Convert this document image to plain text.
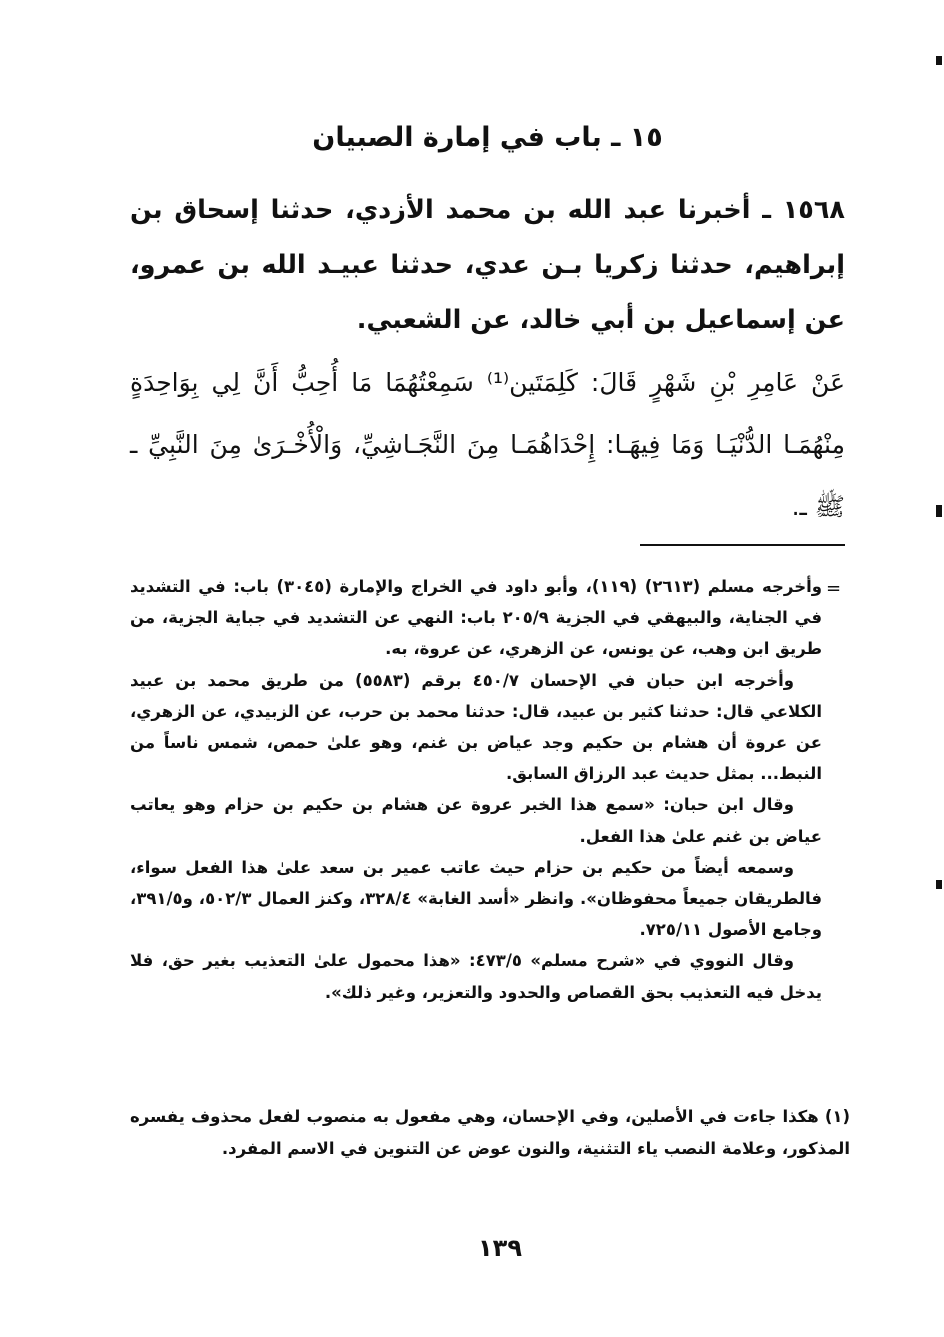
١٥ ـ باب في إمارة الصبيان

١٥٦٨ ـ أخبرنا عبد الله بن محمد الأزدي، حدثنا إسحاق بن إبراهيم، حدثنا زكريا بـن عدي، حدثنا عبيـد الله بن عمرو، عن إسماعيل بن أبي خالد، عن الشعبي.

عَنْ عَامِرِ بْنِ شَهْرٍ قَالَ: كَلِمَتَين⁽¹⁾ سَمِعْتُهُمَا مَا أُحِبُّ أَنَّ لِي بِوَاحِدَةٍ مِنْهُمَـا الدُّنْيَـا وَمَا فِيهَـا: إِحْدَاهُمَـا مِنَ النَّجَـاشِيِّ، وَالْأُخْـرَىٰ مِنَ النَّبِيِّ ـ ﷺ ـ.

=

وأخرجه مسلم (٢٦١٣) (١١٩)، وأبو داود في الخراج والإمارة (٣٠٤٥) باب: في التشديد في الجناية، والبيهقي في الجزية ٢٠٥/٩ باب: النهي عن التشديد في جباية الجزية، من طريق ابن وهب، عن يونس، عن الزهري، عن عروة، به.

وأخرجه ابن حبان في الإحسان ٤٥٠/٧ برقم (٥٥٨٣) من طريق محمد بن عبيد الكلاعي قال: حدثنا كثير بن عبيد، قال: حدثنا محمد بن حرب، عن الزبيدي، عن الزهري، عن عروة أن هشام بن حكيم وجد عياض بن غنم، وهو علىٰ حمص، شمس ناساً من النبط... بمثل حديث عبد الرزاق السابق.

وقال ابن حبان: «سمع هذا الخبر عروة عن هشام بن حكيم بن حزام وهو يعاتب عياض بن غنم علىٰ هذا الفعل.

وسمعه أيضاً من حكيم بن حزام حيث عاتب عمير بن سعد علىٰ هذا الفعل سواء، فالطريقان جميعاً محفوظان». وانظر «أسد الغابة» ٣٢٨/٤، وكنز العمال ٥٠٢/٣، و٣٩١/٥، وجامع الأصول ٧٢٥/١١.

وقال النووي في «شرح مسلم» ٤٧٣/٥: «هذا محمول علىٰ التعذيب بغير حق، فلا يدخل فيه التعذيب بحق القصاص والحدود والتعزير، وغير ذلك».

(١) هكذا جاءت في الأصلين، وفي الإحسان، وهي مفعول به منصوب لفعل محذوف يفسره المذكور، وعلامة النصب ياء التثنية، والنون عوض عن التنوين في الاسم المفرد.

١٣٩
